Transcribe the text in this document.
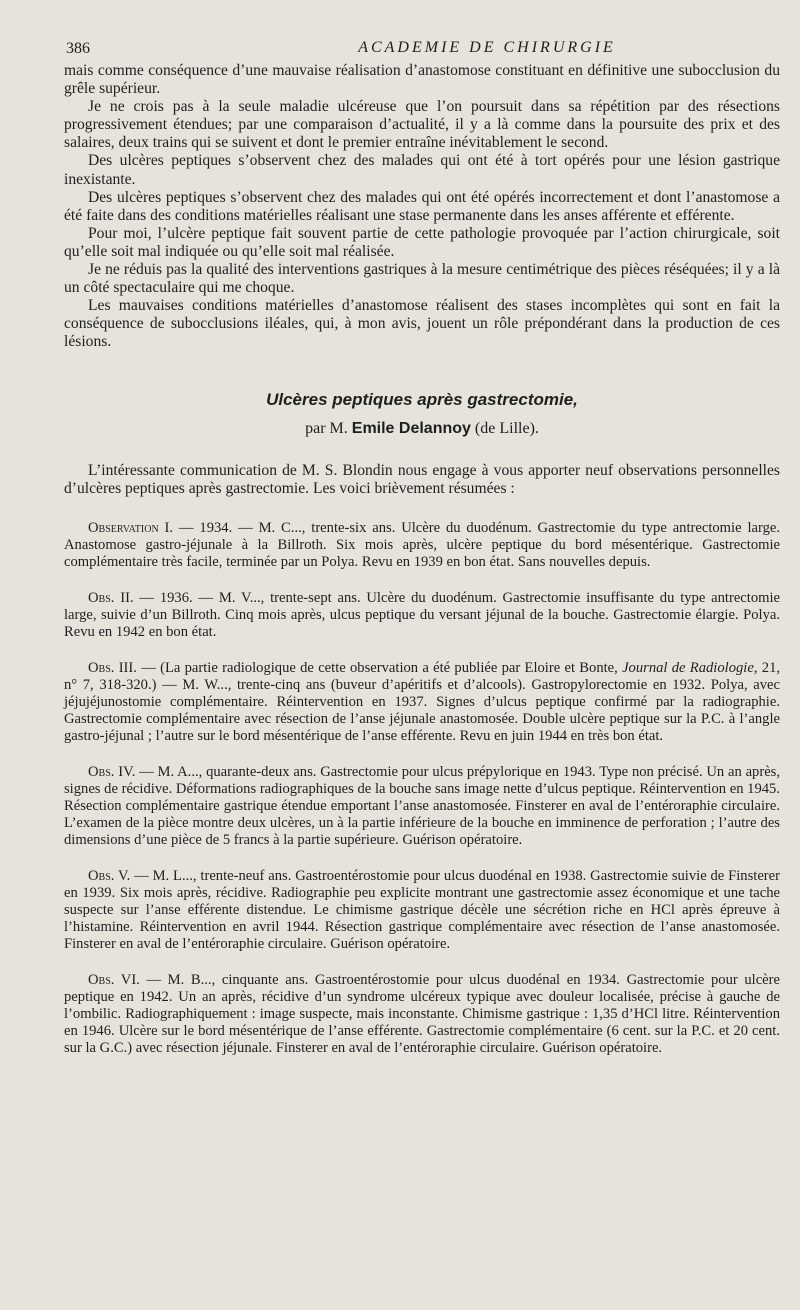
386	ACADEMIE DE CHIRURGIE

mais comme conséquence d’une mauvaise réalisation d’anastomose constituant en définitive une subocclusion du grêle supérieur.

Je ne crois pas à la seule maladie ulcéreuse que l’on poursuit dans sa répétition par des résections progressivement étendues; par une comparaison d’actualité, il y a là comme dans la poursuite des prix et des salaires, deux trains qui se suivent et dont le premier entraîne inévitablement le second.

Des ulcères peptiques s’observent chez des malades qui ont été à tort opérés pour une lésion gastrique inexistante.

Des ulcères peptiques s’observent chez des malades qui ont été opérés incorrectement et dont l’anastomose a été faite dans des conditions matérielles réalisant une stase permanente dans les anses afférente et efférente.

Pour moi, l’ulcère peptique fait souvent partie de cette pathologie provoquée par l’action chirurgicale, soit qu’elle soit mal indiquée ou qu’elle soit mal réalisée.

Je ne réduis pas la qualité des interventions gastriques à la mesure centimétrique des pièces réséquées; il y a là un côté spectaculaire qui me choque.

Les mauvaises conditions matérielles d’anastomose réalisent des stases incomplètes qui sont en fait la conséquence de subocclusions iléales, qui, à mon avis, jouent un rôle prépondérant dans la production de ces lésions.

Ulcères peptiques après gastrectomie,
par M. Emile Delannoy (de Lille).

L’intéressante communication de M. S. Blondin nous engage à vous apporter neuf observations personnelles d’ulcères peptiques après gastrectomie. Les voici brièvement résumées :

Observation I. — 1934. — M. C..., trente-six ans. Ulcère du duodénum. Gastrectomie du type antrectomie large. Anastomose gastro-jéjunale à la Billroth. Six mois après, ulcère peptique du bord mésentérique. Gastrectomie complémentaire très facile, terminée par un Polya. Revu en 1939 en bon état. Sans nouvelles depuis.

Obs. II. — 1936. — M. V..., trente-sept ans. Ulcère du duodénum. Gastrectomie insuffisante du type antrectomie large, suivie d’un Billroth. Cinq mois après, ulcus peptique du versant jéjunal de la bouche. Gastrectomie élargie. Polya. Revu en 1942 en bon état.

Obs. III. — (La partie radiologique de cette observation a été publiée par Eloire et Bonte, Journal de Radiologie, 21, n° 7, 318-320.) — M. W..., trente-cinq ans (buveur d’apéritifs et d’alcools). Gastropylorectomie en 1932. Polya, avec jéjujéjunostomie complémentaire. Réintervention en 1937. Signes d’ulcus peptique confirmé par la radiographie. Gastrectomie complémentaire avec résection de l’anse jéjunale anastomosée. Double ulcère peptique sur la P.C. à l’angle gastro-jéjunal ; l’autre sur le bord mésentérique de l’anse efférente. Revu en juin 1944 en très bon état.

Obs. IV. — M. A..., quarante-deux ans. Gastrectomie pour ulcus prépylorique en 1943. Type non précisé. Un an après, signes de récidive. Déformations radiographiques de la bouche sans image nette d’ulcus peptique. Réintervention en 1945. Résection complémentaire gastrique étendue emportant l’anse anastomosée. Finsterer en aval de l’entéroraphie circulaire. L’examen de la pièce montre deux ulcères, un à la partie inférieure de la bouche en imminence de perforation ; l’autre des dimensions d’une pièce de 5 francs à la partie supérieure. Guérison opératoire.

Obs. V. — M. L..., trente-neuf ans. Gastroentérostomie pour ulcus duodénal en 1938. Gastrectomie suivie de Finsterer en 1939. Six mois après, récidive. Radiographie peu explicite montrant une gastrectomie assez économique et une tache suspecte sur l’anse efférente distendue. Le chimisme gastrique décèle une sécrétion riche en HCl après épreuve à l’histamine. Réintervention en avril 1944. Résection gastrique complémentaire avec résection de l’anse anastomosée. Finsterer en aval de l’entéroraphie circulaire. Guérison opératoire.

Obs. VI. — M. B..., cinquante ans. Gastroentérostomie pour ulcus duodénal en 1934. Gastrectomie pour ulcère peptique en 1942. Un an après, récidive d’un syndrome ulcéreux typique avec douleur localisée, précise à gauche de l’ombilic. Radiographiquement : image suspecte, mais inconstante. Chimisme gastrique : 1,35 d’HCl litre. Réintervention en 1946. Ulcère sur le bord mésentérique de l’anse efférente. Gastrectomie complémentaire (6 cent. sur la P.C. et 20 cent. sur la G.C.) avec résection jéjunale. Finsterer en aval de l’entéroraphie circulaire. Guérison opératoire.
